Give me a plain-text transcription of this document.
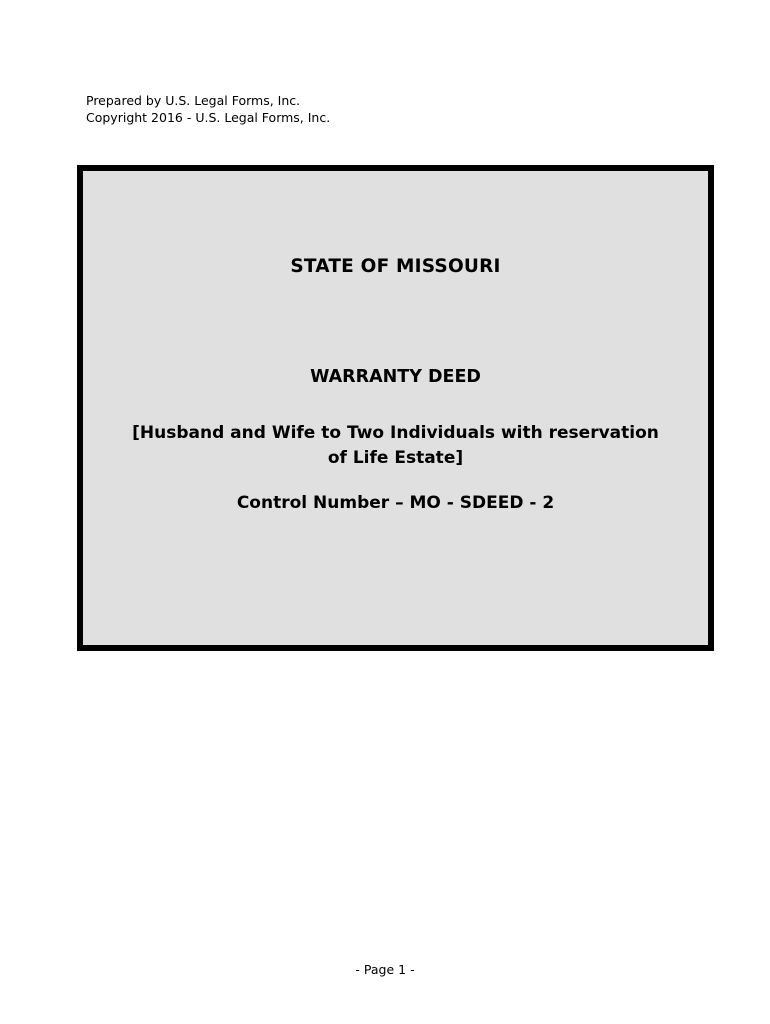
Prepared by U.S. Legal Forms, Inc.
Copyright 2016 - U.S. Legal Forms, Inc.
STATE OF MISSOURI
WARRANTY DEED
[Husband and Wife to Two Individuals with reservation of Life Estate]
Control Number – MO - SDEED - 2
- Page 1 -
